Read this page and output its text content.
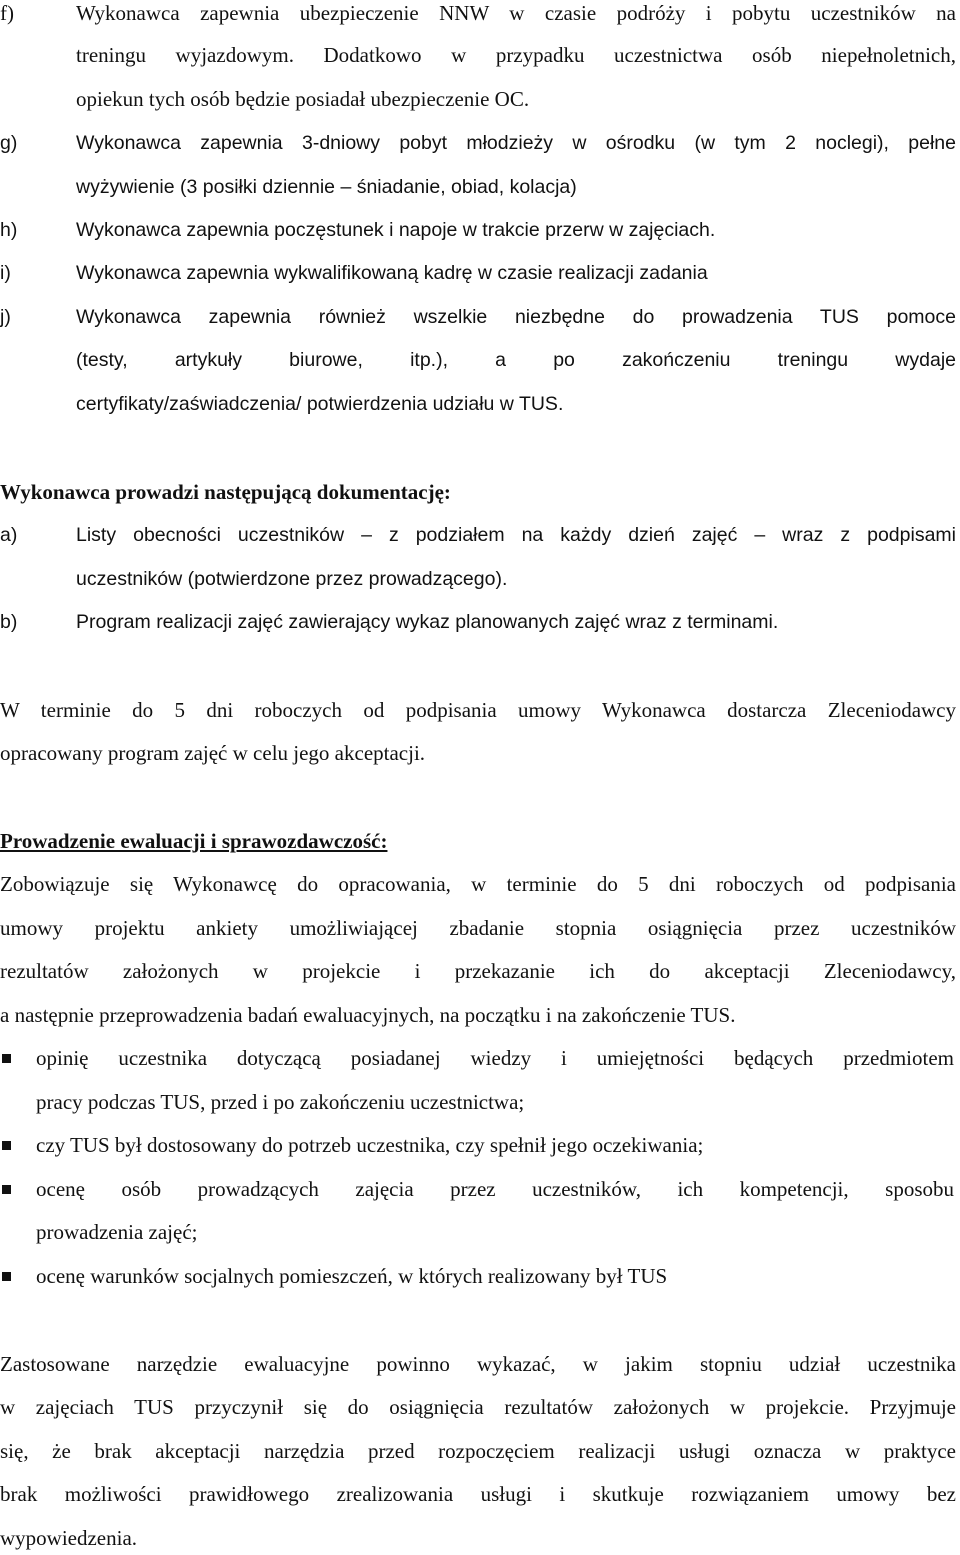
f)	Wykonawca zapewnia ubezpieczenie NNW w czasie podróży i pobytu uczestników na
treningu wyjazdowym. Dodatkowo w przypadku uczestnictwa osób niepełnoletnich,
opiekun tych osób będzie posiadał ubezpieczenie OC.
g)	Wykonawca zapewnia 3-dniowy pobyt młodzieży w ośrodku (w tym 2 noclegi), pełne
wyżywienie (3 posiłki dziennie – śniadanie, obiad, kolacja)
h)	Wykonawca zapewnia poczęstunek i napoje w trakcie przerw w zajęciach.
i)	Wykonawca zapewnia wykwalifikowaną kadrę w czasie realizacji zadania
j)	Wykonawca zapewnia również wszelkie niezbędne do prowadzenia TUS pomoce
(testy, artykuły biurowe, itp.), a po zakończeniu treningu wydaje
certyfikaty/zaświadczenia/ potwierdzenia udziału w TUS.
Wykonawca prowadzi następującą dokumentację:
a)	Listy obecności uczestników – z podziałem na każdy dzień zajęć – wraz z podpisami
uczestników (potwierdzone przez prowadzącego).
b)	Program realizacji zajęć zawierający wykaz planowanych zajęć wraz z terminami.
W terminie do 5 dni roboczych od podpisania umowy Wykonawca dostarcza Zleceniodawcy
opracowany program zajęć w celu jego akceptacji.
Prowadzenie ewaluacji i sprawozdawczość:
Zobowiązuje się Wykonawcę do opracowania, w terminie do 5 dni roboczych od podpisania
umowy projektu ankiety umożliwiającej zbadanie stopnia osiągnięcia przez uczestników
rezultatów założonych w projekcie i przekazanie ich do akceptacji Zleceniodawcy,
a następnie przeprowadzenia badań ewaluacyjnych, na początku i na zakończenie TUS.
opinię uczestnika dotyczącą posiadanej wiedzy i umiejętności będących przedmiotem
pracy podczas TUS, przed i po zakończeniu uczestnictwa;
czy TUS był dostosowany do potrzeb uczestnika, czy spełnił jego oczekiwania;
ocenę osób prowadzących zajęcia przez uczestników, ich kompetencji, sposobu
prowadzenia zajęć;
ocenę warunków socjalnych pomieszczeń, w których realizowany był TUS
Zastosowane narzędzie ewaluacyjne powinno wykazać, w jakim stopniu udział uczestnika
w zajęciach TUS przyczynił się do osiągnięcia rezultatów założonych w projekcie. Przyjmuje
się, że brak akceptacji narzędzia przed rozpoczęciem realizacji usługi oznacza w praktyce
brak możliwości prawidłowego zrealizowania usługi i skutkuje rozwiązaniem umowy bez
wypowiedzenia.
